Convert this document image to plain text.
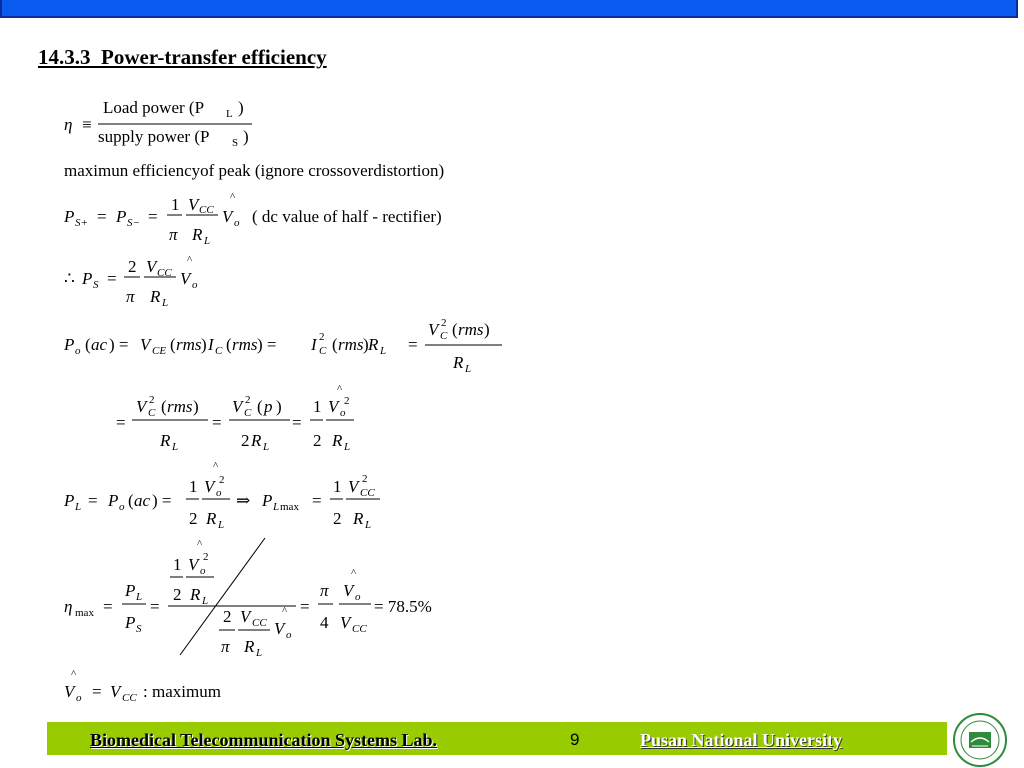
14.3.3  Power-transfer efficiency
η ≡
Load power (P L )
supply power (P S )
maximun efficiencyof peak (ignore crossoverdistortion)
P S+ = P S− =
1
π
V CC
R L
^
V o ( dc value of half - rectifier)
∴ P S =
2
π
V CC
R L
^
V o
P o ( ac ) = V CE ( rms ) I C ( rms ) = I 2
C ( rms ) R L =
V 2
C ( rms )
R L
=
V 2
C ( rms )
R L
=
V 2
C ( p )
2 R L
=
1
2
^
V 2
o
R L
P L = P o ( ac ) =
1
2
^
V 2
o
R L
⇒ P L max =
1
2
V 2
CC
R L
η max =
P L
P S
=
1
2
^
V 2
o
R L
2
π
V CC
R L
^
V o
=
π
4
^
V o
V CC
= 78.5%
^
V o = V CC : maximum
Biomedical Telecommunication Systems Lab.	9	Pusan National University
